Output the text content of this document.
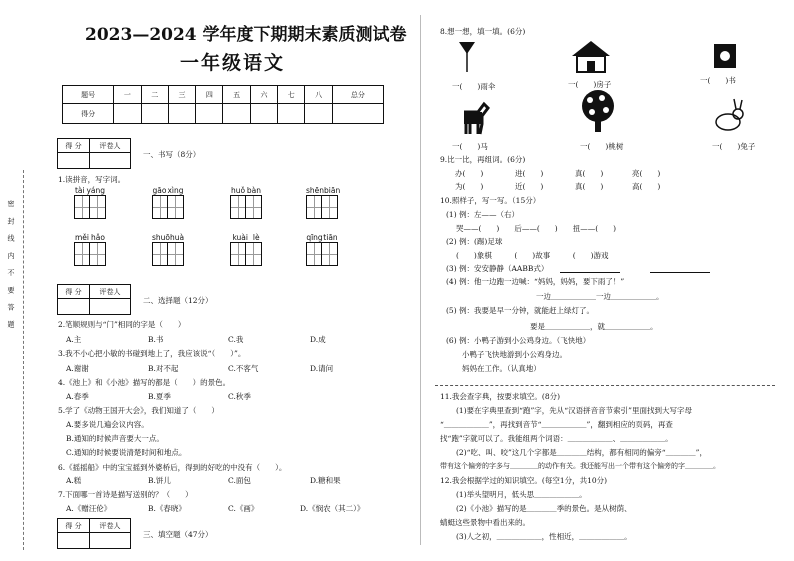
密 封 线 内 不 要 答 题
2023—2024 学年度下期期末素质测试卷
一年级语文
题号	一	二	三	四	五	六	七	八	总分
得分									
得 分	评卷人

一、书写（8分）
1.读拼音，写字词。
tài yáng	gāo xìng	huǒ bàn	shēn biān
měi hǎo	shuō huà	kuài lè	qīng tiān
得 分	评卷人

二、选择题（12分）
2.笔顺规则与“门”相同的字是（　　）
A.主	B.书	C.我	D.成
3.我不小心把小敏的书碰到地上了，我应该说“（　　）”。
A.谢谢	B.对不起	C.不客气	D.请问
4.《池上》和《小池》描写的都是（　　）的景色。
A.春季	B.夏季	C.秋季
5.学了《动物王国开大会》，我们知道了（　　）
A.要多说几遍会议内容。
B.通知的时候声音要大一点。
C.通知的时候要说清楚时间和地点。
6.《摇摇船》中的宝宝摇到外婆桥后，得到的好吃的中没有（　　）。
A.糕	B.饼儿	C.面包	D.糖和果
7.下面哪一首诗是描写送别的？（　　）
A.《赠汪伦》	B.《春晓》	C.《画》	D.《悯农（其二）》
得 分	评卷人

三、填空题（47分）
8.想一想，填一填。(6分)
一(　　)雨伞	一(　　)房子	一(　　)书
一(　　)马	一(　　)桃树	一(　　)兔子
9.比一比，再组词。(6分)
办(　　)	进(　　)	真(　　)	亮(　　)
为(　　)	近(　　)	真(　　)	高(　　)
10.照样子，写一写。（15分）
(1) 例：左——（右）
哭——(　　)　　后——(　　)　　扭——(　　)
(2) 例：(踢)足球
(　　)象棋　　　(　　)故事　　　(　　)游戏
(3) 例：安安静静（AABB式）
(4) 例：他一边跑一边喊：“妈妈，妈妈，要下雨了！”
一边＿＿＿＿＿＿一边＿＿＿＿＿＿。
(5) 例：我要是早一分钟，就能赶上绿灯了。
要是＿＿＿＿＿＿，就＿＿＿＿＿＿。
(6) 例：小鸭子游到小公鸡身边。（飞快地）
小鸭子飞快地游到小公鸡身边。
妈妈在工作。（认真地）
11.我会查字典，按要求填空。(8分)
(1)要在字典里查到“跑”字，先从“汉语拼音音节索引”里面找到大写字母
“＿＿＿＿＿＿”，再找到音节“＿＿＿＿＿＿”，翻到相应的页码，再查
找“跑”字就可以了。我能组两个词语：＿＿＿＿＿＿、＿＿＿＿＿＿。
(2)“吃、叫、咬”这几个字都是＿＿＿＿结构，都有相同的偏旁“＿＿＿＿”，
带有这个偏旁的字多与＿＿＿＿的动作有关。我还能写出一个带有这个偏旁的字＿＿＿＿。
12.我会根据学过的知识填空。(每空1分，共10分)
(1)举头望明月，低头思＿＿＿＿＿＿。
(2)《小池》描写的是＿＿＿＿季的景色。是从树荫、
蜻蜓这些景物中看出来的。
(3)人之初，＿＿＿＿＿＿，性相近，＿＿＿＿＿＿。
